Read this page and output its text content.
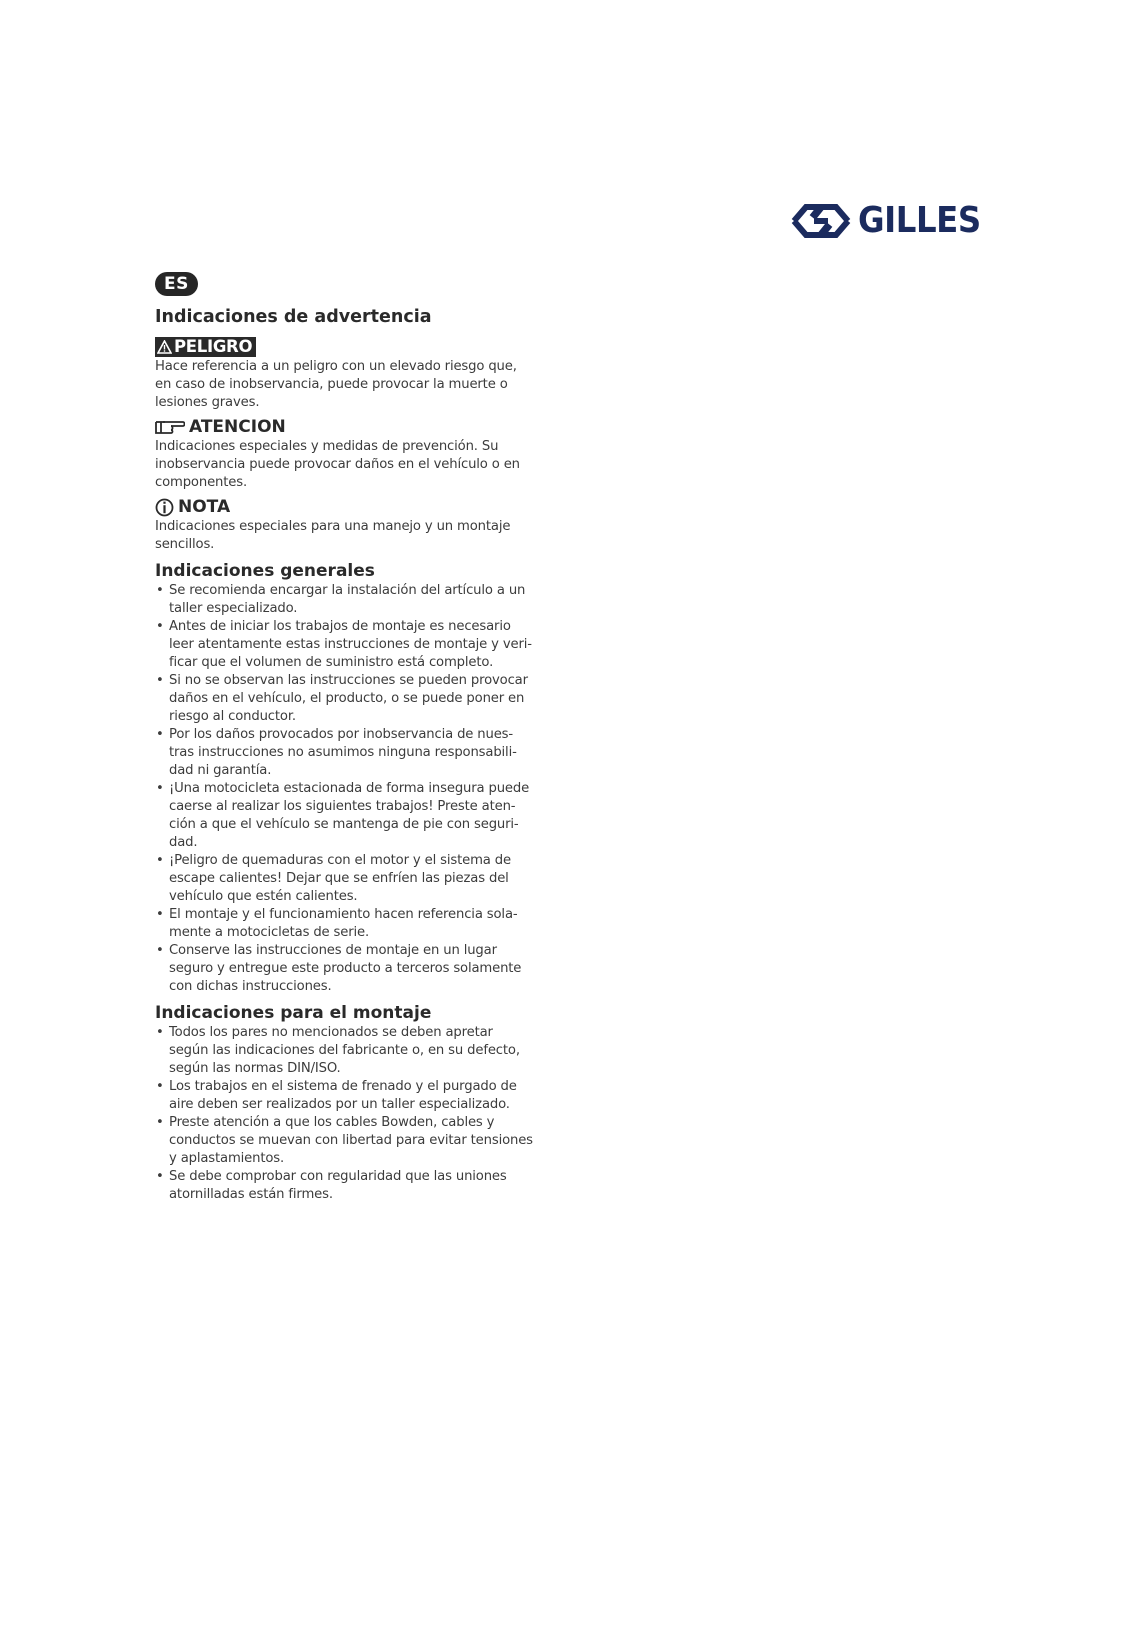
GILLES
ES
Indicaciones de advertencia
PELIGRO
Hace referencia a un peligro con un elevado riesgo que,
en caso de inobservancia, puede provocar la muerte o
lesiones graves.
ATENCION
Indicaciones especiales y medidas de prevención. Su
inobservancia puede provocar daños en el vehículo o en
componentes.
NOTA
Indicaciones especiales para una manejo y un montaje
sencillos.
Indicaciones generales
• Se recomienda encargar la instalación del artículo a un
taller especializado.
• Antes de iniciar los trabajos de montaje es necesario
leer atentamente estas instrucciones de montaje y veri-
ficar que el volumen de suministro está completo.
• Si no se observan las instrucciones se pueden provocar
daños en el vehículo, el producto, o se puede poner en
riesgo al conductor.
• Por los daños provocados por inobservancia de nues-
tras instrucciones no asumimos ninguna responsabili-
dad ni garantía.
• ¡Una motocicleta estacionada de forma insegura puede
caerse al realizar los siguientes trabajos! Preste aten-
ción a que el vehículo se mantenga de pie con seguri-
dad.
• ¡Peligro de quemaduras con el motor y el sistema de
escape calientes! Dejar que se enfríen las piezas del
vehículo que estén calientes.
• El montaje y el funcionamiento hacen referencia sola-
mente a motocicletas de serie.
• Conserve las instrucciones de montaje en un lugar
seguro y entregue este producto a terceros solamente
con dichas instrucciones.
Indicaciones para el montaje
• Todos los pares no mencionados se deben apretar
según las indicaciones del fabricante o, en su defecto,
según las normas DIN/ISO.
• Los trabajos en el sistema de frenado y el purgado de
aire deben ser realizados por un taller especializado.
• Preste atención a que los cables Bowden, cables y
conductos se muevan con libertad para evitar tensiones
y aplastamientos.
• Se debe comprobar con regularidad que las uniones
atornilladas están firmes.
